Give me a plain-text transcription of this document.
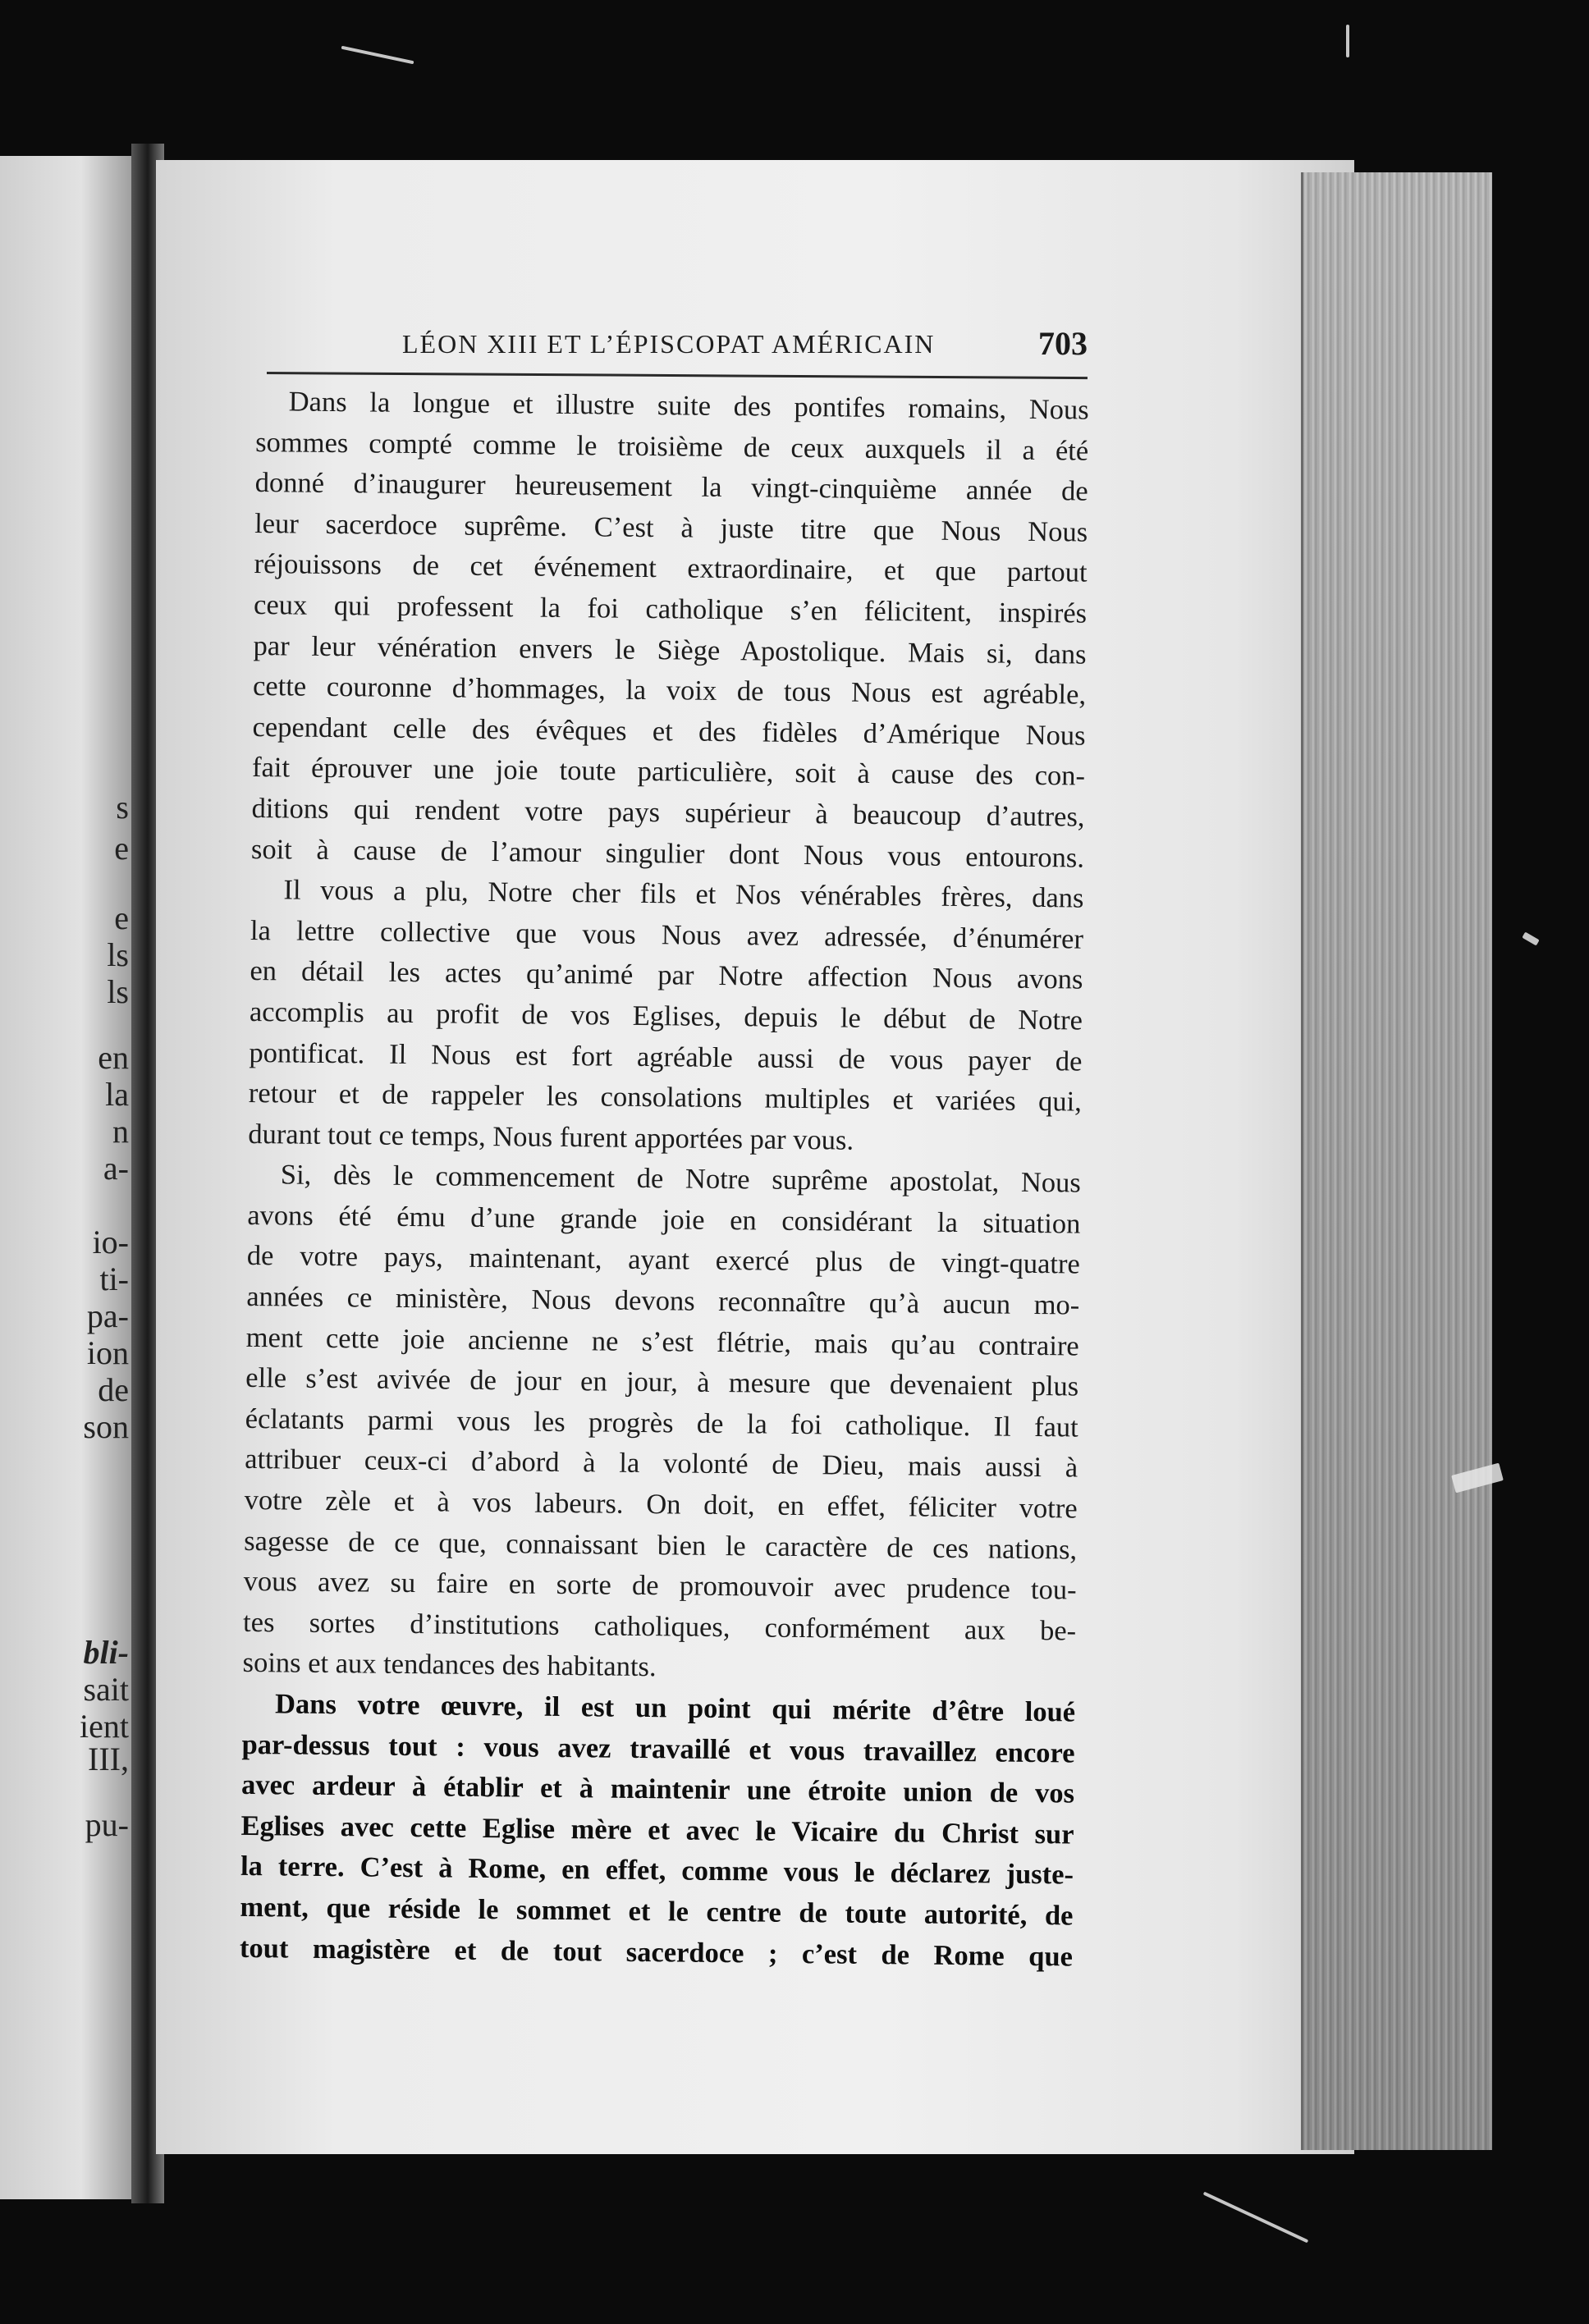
s
e
e
ls
ls
en
la
n
a-
io-
ti-
pa-
ion
de
son
bli-
sait
ient
III,
pu-
LÉON XIII ET L’ÉPISCOPAT AMÉRICAIN	703
Dans la longue et illustre suite des pontifes romains, Nous
sommes compté comme le troisième de ceux auxquels il a été
donné d’inaugurer heureusement la vingt-cinquième année de
leur sacerdoce suprême. C’est à juste titre que Nous Nous
réjouissons de cet événement extraordinaire, et que partout
ceux qui professent la foi catholique s’en félicitent, inspirés
par leur vénération envers le Siège Apostolique. Mais si, dans
cette couronne d’hommages, la voix de tous Nous est agréable,
cependant celle des évêques et des fidèles d’Amérique Nous
fait éprouver une joie toute particulière, soit à cause des con-
ditions qui rendent votre pays supérieur à beaucoup d’autres,
soit à cause de l’amour singulier dont Nous vous entourons.
Il vous a plu, Notre cher fils et Nos vénérables frères, dans
la lettre collective que vous Nous avez adressée, d’énumérer
en détail les actes qu’animé par Notre affection Nous avons
accomplis au profit de vos Eglises, depuis le début de Notre
pontificat. Il Nous est fort agréable aussi de vous payer de
retour et de rappeler les consolations multiples et variées qui,
durant tout ce temps, Nous furent apportées par vous.
Si, dès le commencement de Notre suprême apostolat, Nous
avons été ému d’une grande joie en considérant la situation
de votre pays, maintenant, ayant exercé plus de vingt-quatre
années ce ministère, Nous devons reconnaître qu’à aucun mo-
ment cette joie ancienne ne s’est flétrie, mais qu’au contraire
elle s’est avivée de jour en jour, à mesure que devenaient plus
éclatants parmi vous les progrès de la foi catholique. Il faut
attribuer ceux-ci d’abord à la volonté de Dieu, mais aussi à
votre zèle et à vos labeurs. On doit, en effet, féliciter votre
sagesse de ce que, connaissant bien le caractère de ces nations,
vous avez su faire en sorte de promouvoir avec prudence tou-
tes sortes d’institutions catholiques, conformément aux be-
soins et aux tendances des habitants.
Dans votre œuvre, il est un point qui mérite d’être loué
par-dessus tout : vous avez travaillé et vous travaillez encore
avec ardeur à établir et à maintenir une étroite union de vos
Eglises avec cette Eglise mère et avec le Vicaire du Christ sur
la terre. C’est à Rome, en effet, comme vous le déclarez juste-
ment, que réside le sommet et le centre de toute autorité, de
tout magistère et de tout sacerdoce ; c’est de Rome que
